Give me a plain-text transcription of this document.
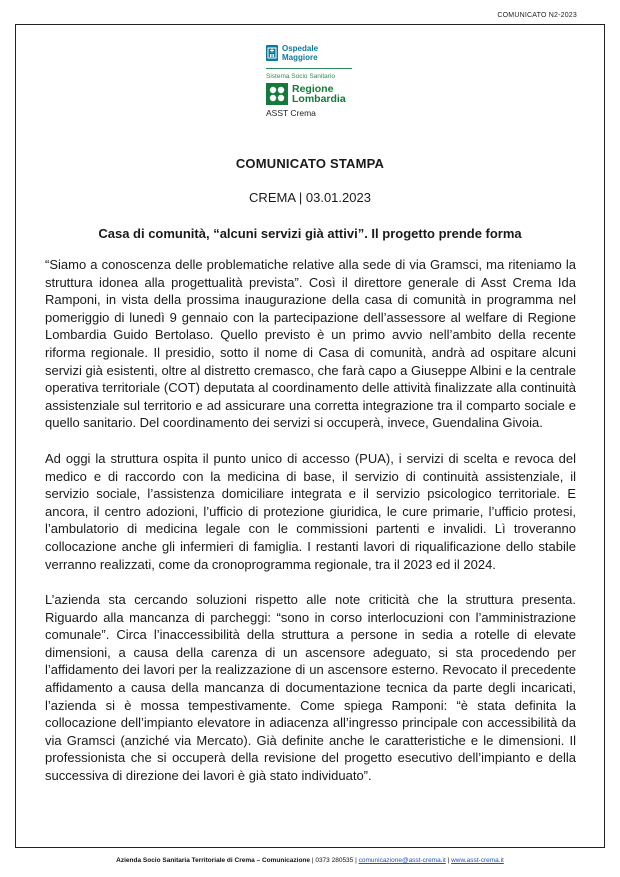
COMUNICATO N2-2023
Ospedale
Maggiore
Sistema Socio Sanitario
Regione
Lombardia
ASST Crema
COMUNICATO STAMPA
CREMA | 03.01.2023
Casa di comunità, “alcuni servizi già attivi”. Il progetto prende forma

“Siamo a conoscenza delle problematiche relative alla sede di via Gramsci, ma riteniamo la struttura idonea alla progettualità prevista”. Così il direttore generale di Asst Crema Ida Ramponi, in vista della prossima inaugurazione della casa di comunità in programma nel pomeriggio di lunedì 9 gennaio con la partecipazione dell’assessore al welfare di Regione Lombardia Guido Bertolaso. Quello previsto è un primo avvio nell’ambito della recente riforma regionale. Il presidio, sotto il nome di Casa di comunità, andrà ad ospitare alcuni servizi già esistenti, oltre al distretto cremasco, che farà capo a Giuseppe Albini e la centrale operativa territoriale (COT) deputata al coordinamento delle attività finalizzate alla continuità assistenziale sul territorio e ad assicurare una corretta integrazione tra il comparto sociale e quello sanitario. Del coordinamento dei servizi si occuperà, invece, Guendalina Givoia.

Ad oggi la struttura ospita il punto unico di accesso (PUA), i servizi di scelta e revoca del medico e di raccordo con la medicina di base, il servizio di continuità assistenziale, il servizio sociale, l’assistenza domiciliare integrata e il servizio psicologico territoriale. E ancora, il centro adozioni, l’ufficio di protezione giuridica, le cure primarie, l’ufficio protesi, l’ambulatorio di medicina legale con le commissioni partenti e invalidi. Lì troveranno collocazione anche gli infermieri di famiglia. I restanti lavori di riqualificazione dello stabile verranno realizzati, come da cronoprogramma regionale, tra il 2023 ed il 2024.

L’azienda sta cercando soluzioni rispetto alle note criticità che la struttura presenta. Riguardo alla mancanza di parcheggi: “sono in corso interlocuzioni con l’amministrazione comunale”. Circa l’inaccessibilità della struttura a persone in sedia a rotelle di elevate dimensioni, a causa della carenza di un ascensore adeguato, si sta procedendo per l’affidamento dei lavori per la realizzazione di un ascensore esterno. Revocato il precedente affidamento a causa della mancanza di documentazione tecnica da parte degli incaricati, l’azienda si è mossa tempestivamente. Come spiega Ramponi: “è stata definita la collocazione dell’impianto elevatore in adiacenza all’ingresso principale con accessibilità da via Gramsci (anziché via Mercato). Già definite anche le caratteristiche e le dimensioni. Il professionista che si occuperà della revisione del progetto esecutivo dell’impianto e della successiva di direzione dei lavori è già stato individuato”.

Azienda Socio Sanitaria Territoriale di Crema – Comunicazione | 0373 280535 | comunicazione@asst-crema.it | www.asst-crema.it
